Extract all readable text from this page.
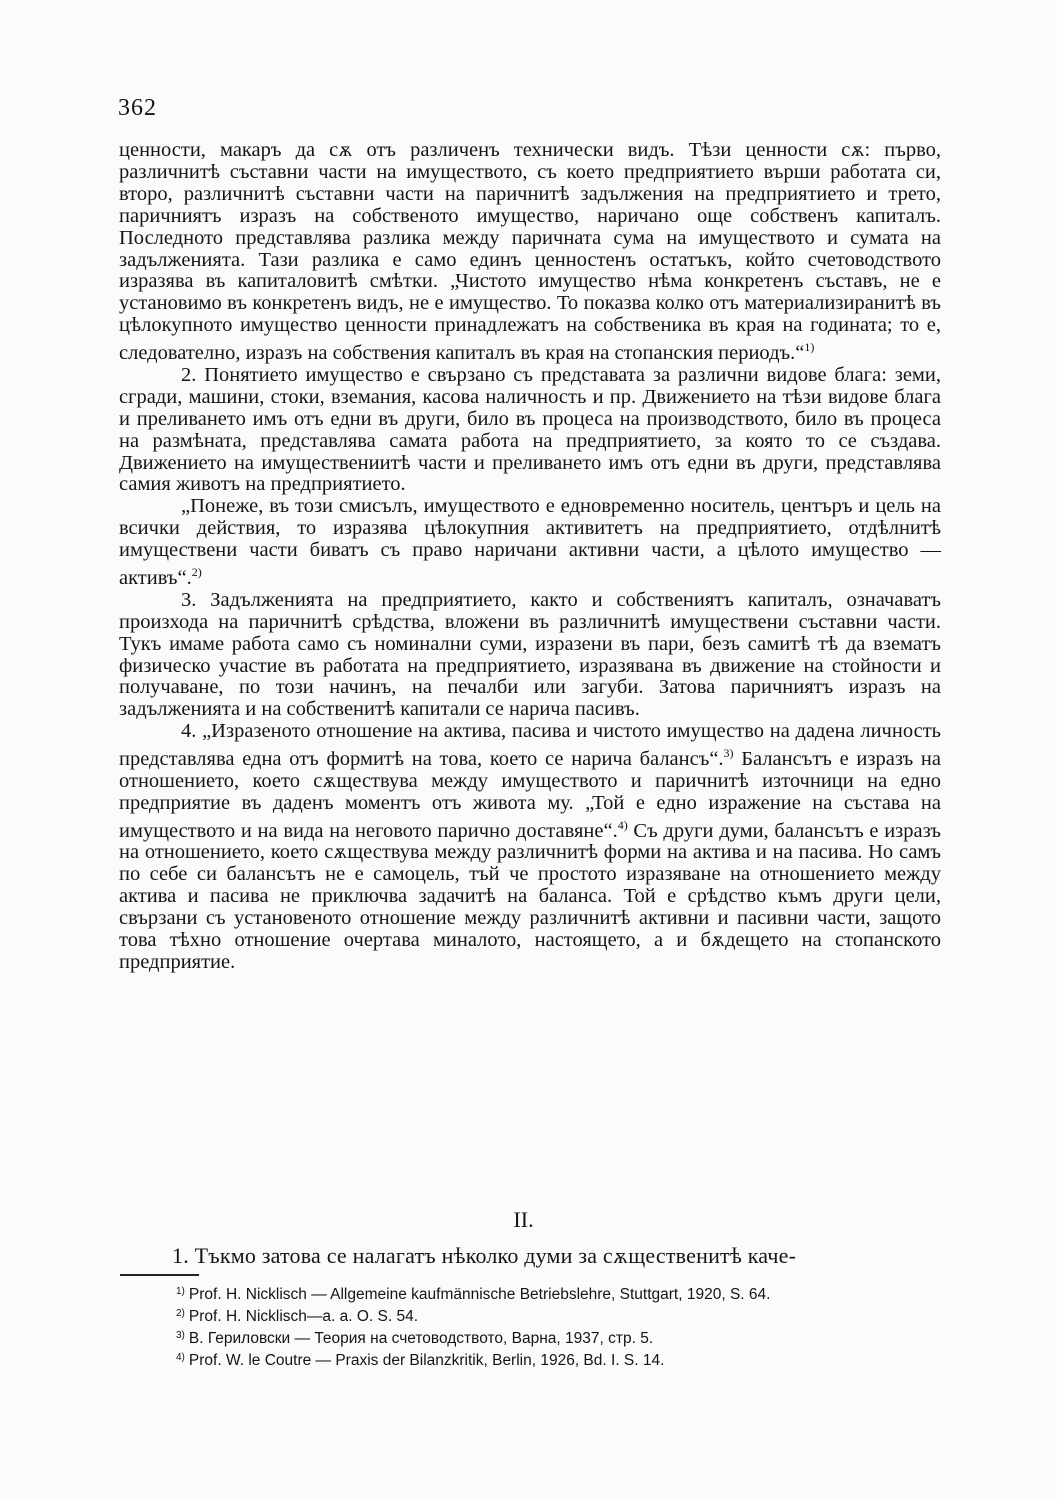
362

ценности, макаръ да сѫ отъ различенъ технически видъ. Тѣзи ценности сѫ: първо, различнитѣ съставни части на имуществото, съ което предприятието върши работата си, второ, различнитѣ съставни части на паричнитѣ задължения на предприятието и трето, паричниятъ изразъ на собственото имущество, наричано още собственъ капиталъ. Последното представлява разлика между паричната сума на имуществото и сумата на задълженията. Тази разлика е само единъ ценностенъ остатъкъ, който счетоводството изразява въ капиталовитѣ смѣтки. „Чистото имущество нѣма конкретенъ съставъ, не е установимо въ конкретенъ видъ, не е имущество. То показва колко отъ материализиранитѣ въ цѣлокупното имущество ценности принадлежатъ на собственика въ края на годината; то е, следователно, изразъ на собствения капиталъ въ края на стопанския периодъ.“$^{1)}$

2. Понятието имущество е свързано съ представата за различни видове блага: земи, сгради, машини, стоки, вземания, касова наличность и пр. Движението на тѣзи видове блага и преливането имъ отъ едни въ други, било въ процеса на производството, било въ процеса на размѣната, представлява самата работа на предприятието, за която то се създава. Движението на имуществениитѣ части и преливането имъ отъ едни въ други, представлява самия животъ на предприятието.

„Понеже, въ този смисълъ, имуществото е едновременно носитель, центъръ и цель на всички действия, то изразява цѣлокупния активитетъ на предприятието, отдѣлнитѣ имуществени части биватъ съ право наричани активни части, а цѣлото имущество — активъ“.$^{2)}$

3. Задълженията на предприятието, както и собствениятъ капиталъ, означаватъ произхода на паричнитѣ срѣдства, вложени въ различнитѣ имуществени съставни части. Тукъ имаме работа само съ номинални суми, изразени въ пари, безъ самитѣ тѣ да взематъ физическо участие въ работата на предприятието, изразявана въ движение на стойности и получаване, по този начинъ, на печалби или загуби. Затова паричниятъ изразъ на задълженията и на собственитѣ капитали се нарича пасивъ.

4. „Изразеното отношение на актива, пасива и чистото имущество на дадена личность представлява една отъ формитѣ на това, което се нарича балансъ“.$^{3)}$ Балансътъ е изразъ на отношението, което сѫществува между имуществото и паричнитѣ източници на едно предприятие въ даденъ моментъ отъ живота му. „Той е едно изражение на състава на имуществото и на вида на неговото парично доставяне“.$^{4)}$ Съ други думи, балансътъ е изразъ на отношението, което сѫществува между различнитѣ форми на актива и на пасива. Но самъ по себе си балансътъ не е самоцель, тъй че простото изразяване на отношението между актива и пасива не приключва задачитѣ на баланса. Той е срѣдство къмъ други цели, свързани съ установеното отношение между различнитѣ активни и пасивни части, защото това тѣхно отношение очертава миналото, настоящето, а и бѫдещето на стопанското предприятие.

II.
1. Тъкмо затова се налагатъ нѣколко думи за сѫщественитѣ каче-
$^{1)}$ Prof. H. Nicklisch — Allgemeine kaufmännische Betriebslehre, Stuttgart, 1920, S. 64.
$^{2)}$ Prof. H. Nicklisch—a. a. O. S. 54.
$^{3)}$ В. Гериловски — Теория на счетоводството, Варна, 1937, стр. 5.
$^{4)}$ Prof. W. le Coutre — Praxis der Bilanzkritik, Berlin, 1926, Bd. I. S. 14.
